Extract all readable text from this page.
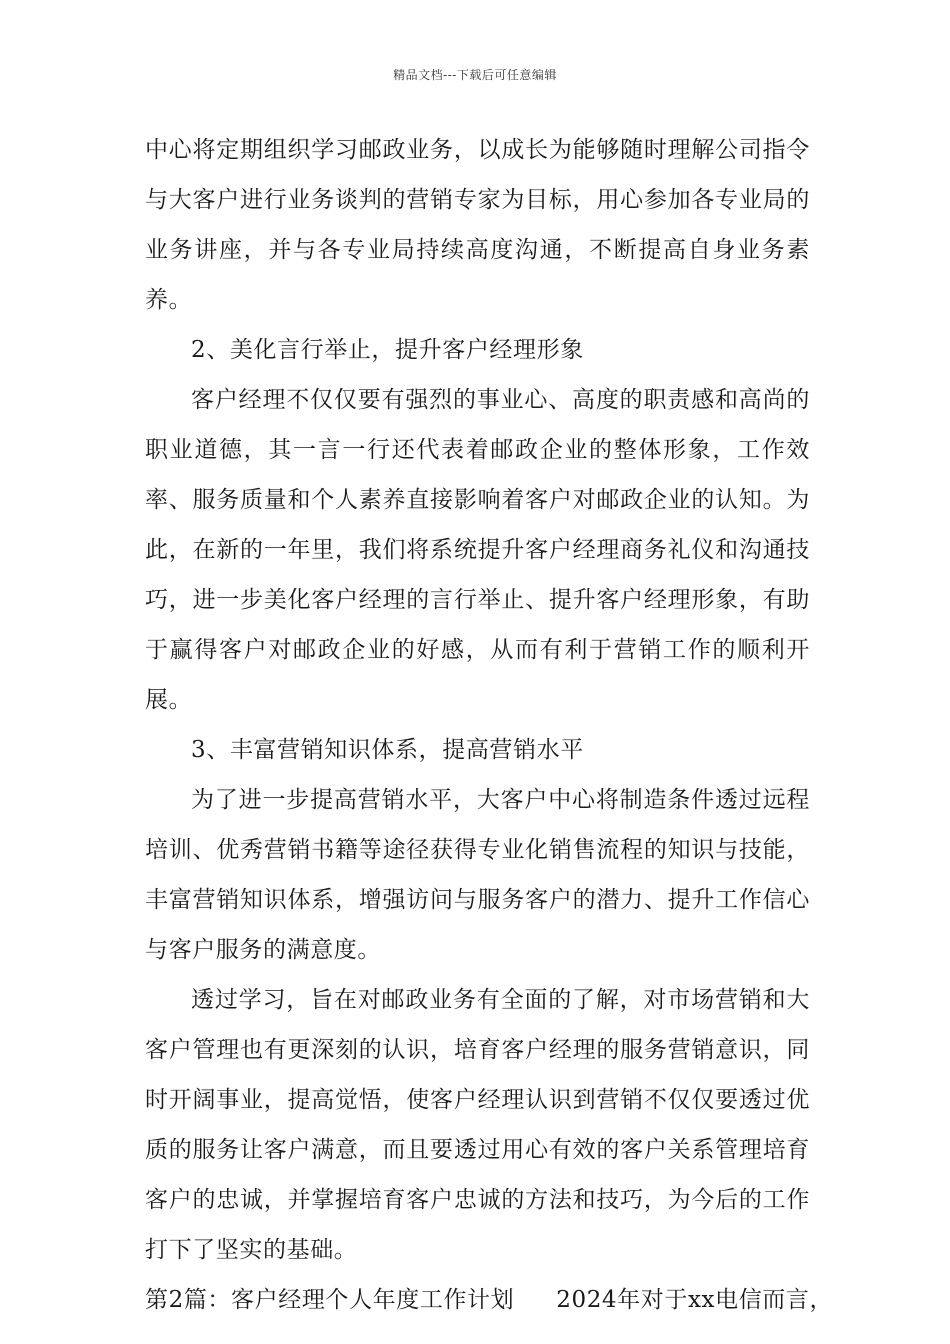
精品文档---下载后可任意编辑

中心将定期组织学习邮政业务，以成长为能够随时理解公司指令与大客户进行业务谈判的营销专家为目标，用心参加各专业局的业务讲座，并与各专业局持续高度沟通，不断提高自身业务素养。

2、美化言行举止，提升客户经理形象

客户经理不仅仅要有强烈的事业心、高度的职责感和高尚的职业道德，其一言一行还代表着邮政企业的整体形象，工作效率、服务质量和个人素养直接影响着客户对邮政企业的认知。为此，在新的一年里，我们将系统提升客户经理商务礼仪和沟通技巧，进一步美化客户经理的言行举止、提升客户经理形象，有助于赢得客户对邮政企业的好感，从而有利于营销工作的顺利开展。

3、丰富营销知识体系，提高营销水平

为了进一步提高营销水平，大客户中心将制造条件透过远程培训、优秀营销书籍等途径获得专业化销售流程的知识与技能，丰富营销知识体系，增强访问与服务客户的潜力、提升工作信心与客户服务的满意度。

透过学习，旨在对邮政业务有全面的了解，对市场营销和大客户管理也有更深刻的认识，培育客户经理的服务营销意识，同时开阔事业，提高觉悟，使客户经理认识到营销不仅仅要透过优质的服务让客户满意，而且要透过用心有效的客户关系管理培育客户的忠诚，并掌握培育客户忠诚的方法和技巧，为今后的工作打下了坚实的基础。

第2篇：客户经理个人年度工作计划 2024年对于xx电信而言，
